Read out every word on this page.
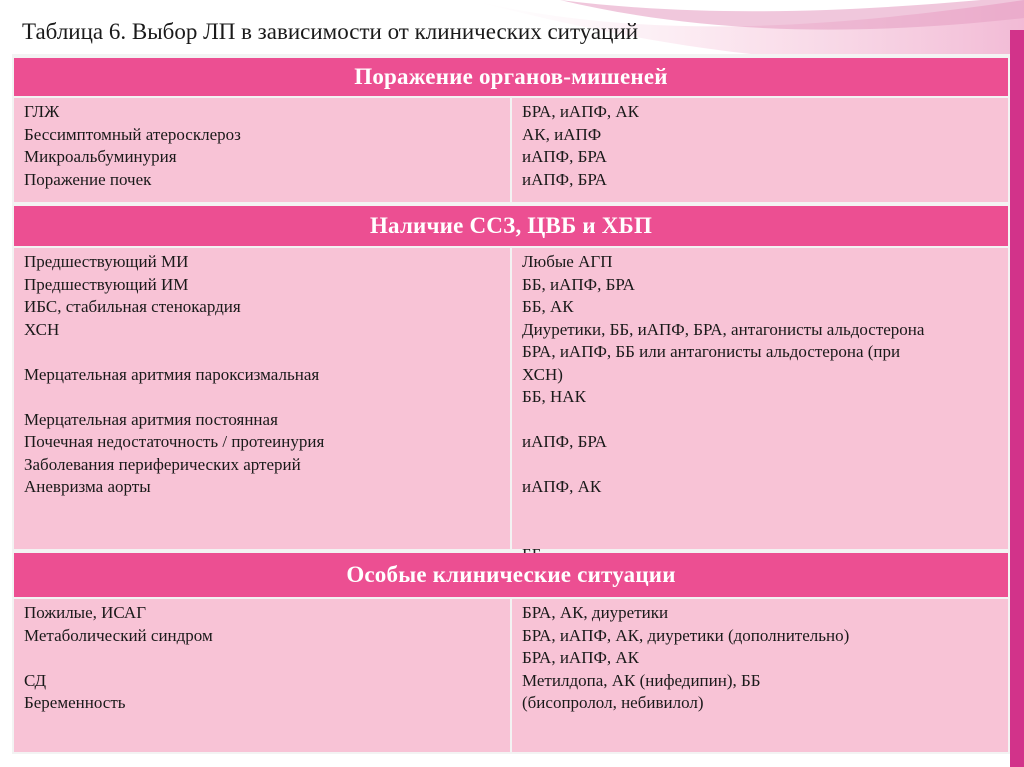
Таблица 6. Выбор ЛП в зависимости от клинических ситуаций
Поражение органов-мишеней
ГЛЖ
Бессимптомный атеросклероз
Микроальбуминурия
Поражение почек
БРА, иАПФ, АК
АК, иАПФ
иАПФ, БРА
иАПФ, БРА
Наличие ССЗ, ЦВБ и ХБП
Предшествующий МИ
Предшествующий ИМ
ИБС, стабильная стенокардия
ХСН
Мерцательная аритмия пароксизмальная
Мерцательная аритмия постоянная
Почечная недостаточность / протеинурия
Заболевания периферических артерий
Аневризма аорты
Любые АГП
ББ, иАПФ, БРА
ББ, АК
Диуретики, ББ, иАПФ, БРА, антагонисты альдостерона
БРА, иАПФ, ББ или антагонисты альдостерона (при
ХСН)
ББ, НАК
иАПФ, БРА
иАПФ, АК
Особые клинические ситуации
Пожилые, ИСАГ
Метаболический синдром
СД
Беременность
БРА, АК, диуретики
БРА, иАПФ, АК, диуретики (дополнительно)
БРА, иАПФ, АК
Метилдопа, АК (нифедипин), ББ
(бисопролол, небивилол)
